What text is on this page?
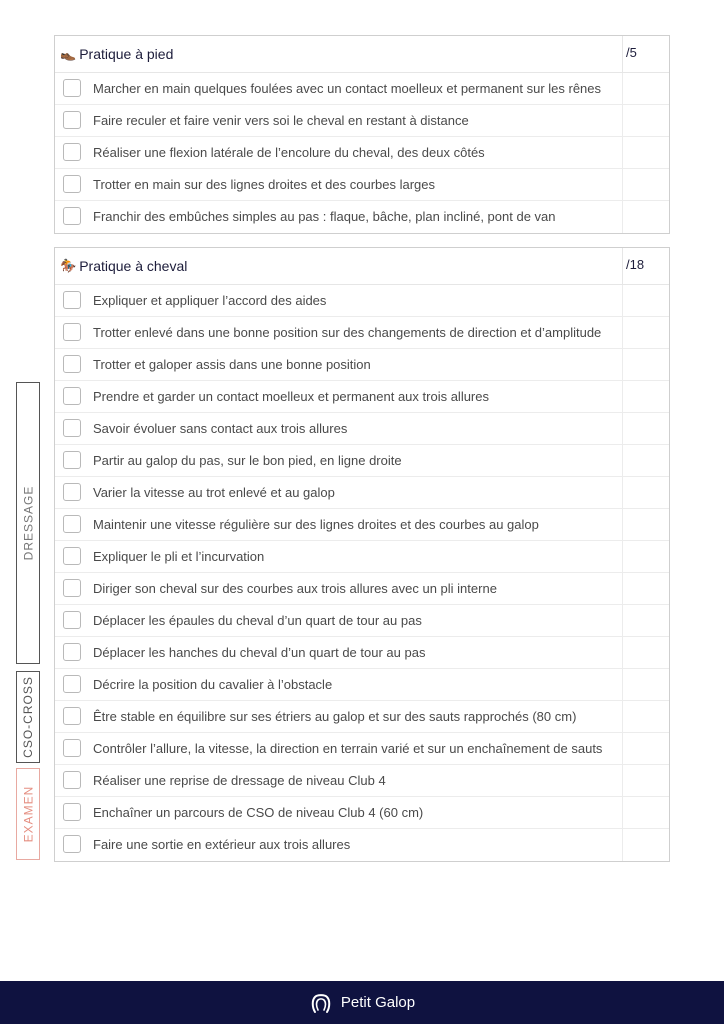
👞 Pratique à pied	/5
Marcher en main quelques foulées avec un contact moelleux et permanent sur les rênes
Faire reculer et faire venir vers soi le cheval en restant à distance
Réaliser une flexion latérale de l’encolure du cheval, des deux côtés
Trotter en main sur des lignes droites et des courbes larges
Franchir des embûches simples au pas : flaque, bâche, plan incliné, pont de van
🏇 Pratique à cheval	/18
Expliquer et appliquer l’accord des aides
Trotter enlevé dans une bonne position sur des changements de direction et d’amplitude
Trotter et galoper assis dans une bonne position
Prendre et garder un contact moelleux et permanent aux trois allures
Savoir évoluer sans contact aux trois allures
Partir au galop du pas, sur le bon pied, en ligne droite
Varier la vitesse au trot enlevé et au galop
Maintenir une vitesse régulière sur des lignes droites et des courbes au galop
Expliquer le pli et l’incurvation
Diriger son cheval sur des courbes aux trois allures avec un pli interne
Déplacer les épaules du cheval d’un quart de tour au pas
Déplacer les hanches du cheval d’un quart de tour au pas
Décrire la position du cavalier à l’obstacle
Être stable en équilibre sur ses étriers au galop et sur des sauts rapprochés (80 cm)
Contrôler l’allure, la vitesse, la direction en terrain varié et sur un enchaînement de sauts
Réaliser une reprise de dressage de niveau Club 4
Enchaîner un parcours de CSO de niveau Club 4 (60 cm)
Faire une sortie en extérieur aux trois allures
DRESSAGE
CSO-CROSS
EXAMEN
Petit Galop
